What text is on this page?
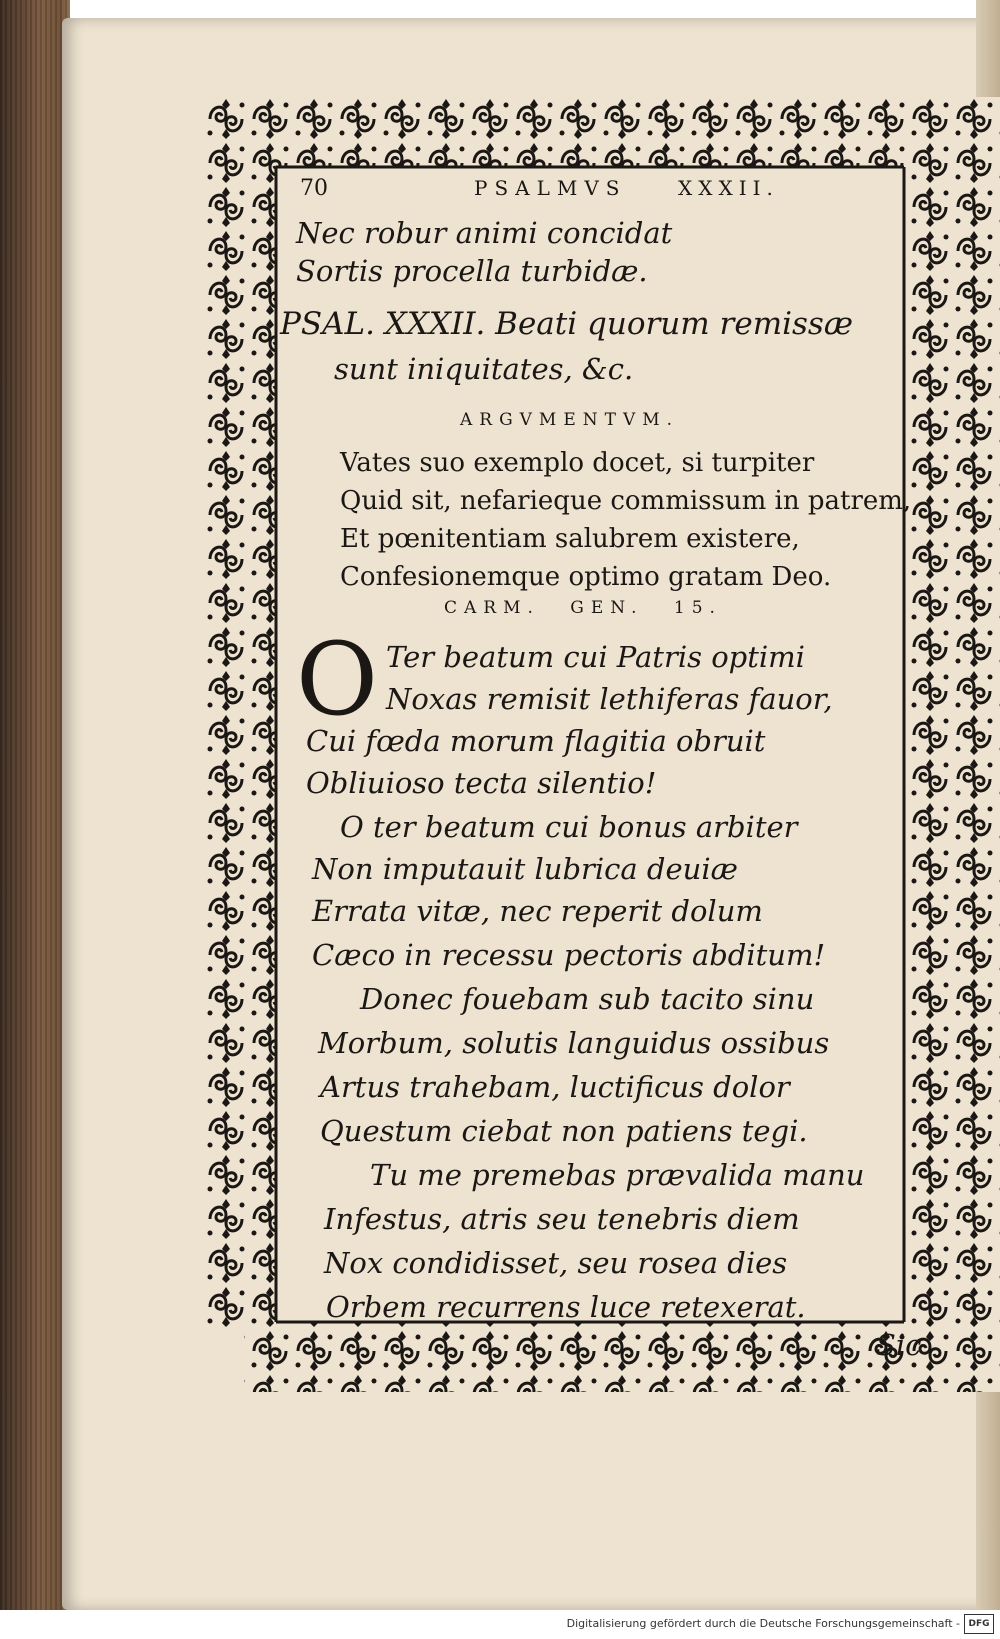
70	PSALMVS	XXXII.
Nec robur animi concidat
Sortis procella turbidæ.
PSAL. XXXII. Beati quorum remissæ
sunt iniquitates, &c.
ARGVMENTVM.
Vates suo exemplo docet, si turpiter
Quid sit, nefarieque commissum in patrem,
Et pœnitentiam salubrem existere,
Confesionemque optimo gratam Deo.
CARM. GEN. 15.
O Ter beatum cui Patris optimi
Noxas remisit lethiferas fauor,
Cui fœda morum flagitia obruit
Obliuioso tecta silentio!
O ter beatum cui bonus arbiter
Non imputauit lubrica deuiæ
Errata vitæ, nec reperit dolum
Cæco in recessu pectoris abditum!
Donec fouebam sub tacito sinu
Morbum, solutis languidus ossibus
Artus trahebam, luctificus dolor
Questum ciebat non patiens tegi.
Tu me premebas prævalida manu
Infestus, atris seu tenebris diem
Nox condidisset, seu rosea dies
Orbem recurrens luce retexerat.
Sic
Digitalisierung gefördert durch die Deutsche Forschungsgemeinschaft - DFG
